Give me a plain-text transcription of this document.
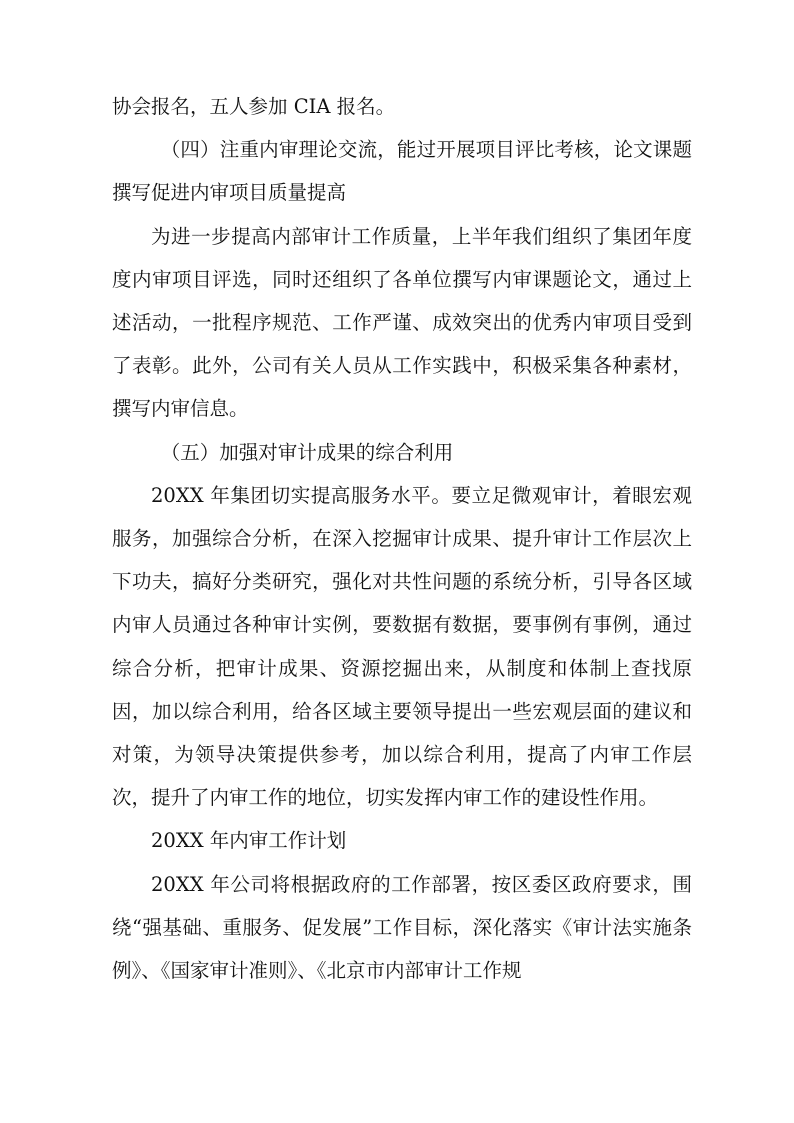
协会报名，五人参加 CIA 报名。

（四）注重内审理论交流，能过开展项目评比考核，论文课题撰写促进内审项目质量提高

为进一步提高内部审计工作质量，上半年我们组织了集团年度度内审项目评选，同时还组织了各单位撰写内审课题论文，通过上述活动，一批程序规范、工作严谨、成效突出的优秀内审项目受到了表彰。此外，公司有关人员从工作实践中，积极采集各种素材，撰写内审信息。

（五）加强对审计成果的综合利用

20XX 年集团切实提高服务水平。要立足微观审计，着眼宏观服务，加强综合分析，在深入挖掘审计成果、提升审计工作层次上下功夫，搞好分类研究，强化对共性问题的系统分析，引导各区域内审人员通过各种审计实例，要数据有数据，要事例有事例，通过综合分析，把审计成果、资源挖掘出来，从制度和体制上查找原因，加以综合利用，给各区域主要领导提出一些宏观层面的建议和对策，为领导决策提供参考，加以综合利用，提高了内审工作层次，提升了内审工作的地位，切实发挥内审工作的建设性作用。

20XX 年内审工作计划

20XX 年公司将根据政府的工作部署，按区委区政府要求，围绕“强基础、重服务、促发展”工作目标，深化落实《审计法实施条例》、《国家审计准则》、《北京市内部审计工作规
